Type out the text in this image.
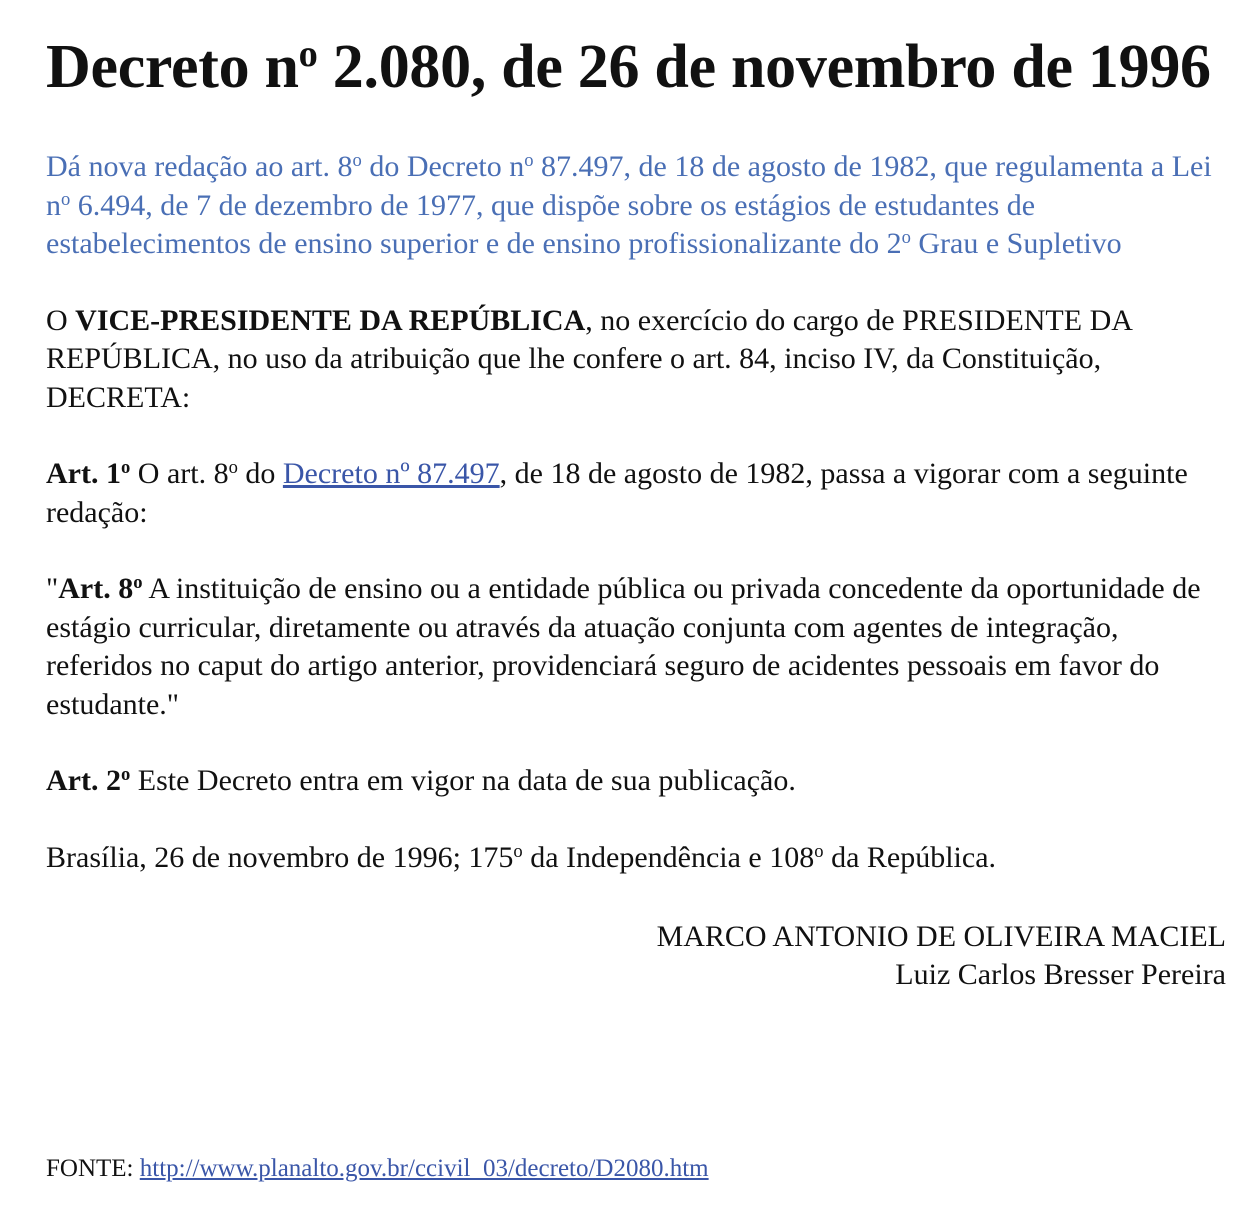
Decreto $n^o$ 2.080, de 26 de novembro de 1996

Dá nova redação ao art. 8$^o$ do Decreto $n^o$ 87.497, de 18 de agosto de 1982, que regulamenta a Lei $n^o$ 6.494, de 7 de dezembro de 1977, que dispõe sobre os estágios de estudantes de estabelecimentos de ensino superior e de ensino profissionalizante do 2$^o$ Grau e Supletivo

O VICE-PRESIDENTE DA REPÚBLICA, no exercício do cargo de PRESIDENTE DA REPÚBLICA, no uso da atribuição que lhe confere o art. 84, inciso IV, da Constituição, DECRETA:

Art. 1$^o$ O art. 8$^o$ do Decreto nº 87.497, de 18 de agosto de 1982, passa a vigorar com a seguinte redação:

"Art. 8$^o$ A instituição de ensino ou a entidade pública ou privada concedente da oportunidade de estágio curricular, diretamente ou através da atuação conjunta com agentes de integração, referidos no caput do artigo anterior, providenciará seguro de acidentes pessoais em favor do estudante."

Art. 2$^o$ Este Decreto entra em vigor na data de sua publicação.

Brasília, 26 de novembro de 1996; 175$^o$ da Independência e 108$^o$ da República.

MARCO ANTONIO DE OLIVEIRA MACIEL
Luiz Carlos Bresser Pereira
FONTE: http://www.planalto.gov.br/ccivil_03/decreto/D2080.htm
